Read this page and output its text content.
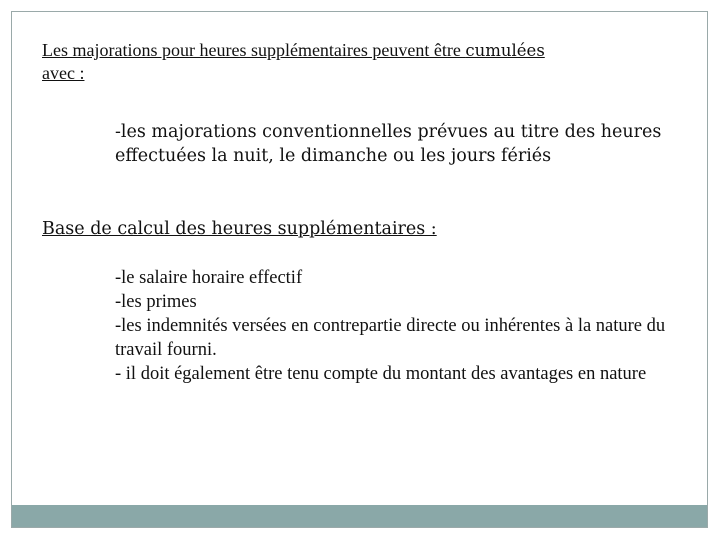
Les majorations pour heures supplémentaires peuvent être cumulées
avec :

-les majorations conventionnelles prévues au titre des heures effectuées la nuit, le dimanche ou les jours fériés

Base de calcul des heures supplémentaires :

-le salaire horaire effectif
-les primes
-les indemnités versées en contrepartie directe ou inhérentes à la nature du travail fourni.
- il doit également être tenu compte du montant des avantages en nature
